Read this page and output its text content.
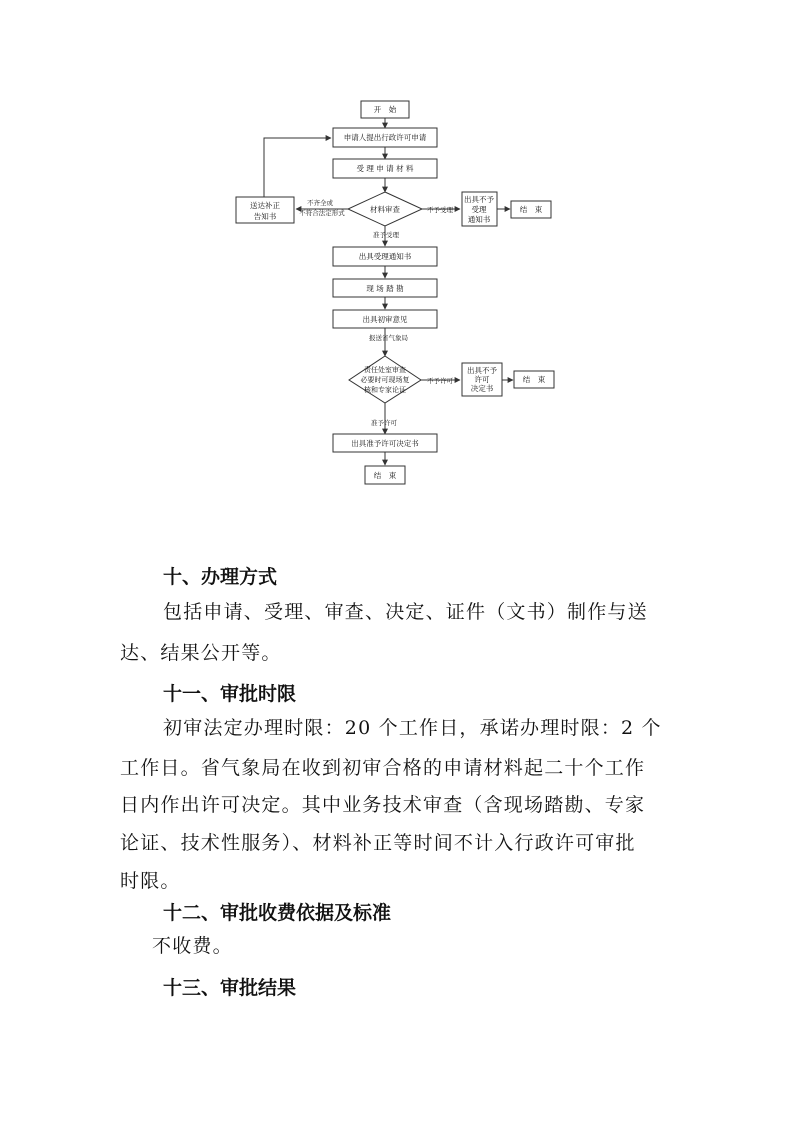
开　始
申请人提出行政许可申请
受 理 申 请 材 料
材料审查
送达补正
告知书
不齐全或
不符合法定形式	不予受理
出具不予
受理
通知书
结　束
准予受理
出具受理通知书
现 场 踏 勘
出具初审意见
报送省气象局
责任处室审查
必要时可现场复
核和专家论证
不予许可
出具不予
许可
决定书
结　束
准予许可
出具准予许可决定书
结　束

十、办理方式

包括申请、受理、审查、决定、证件（文书）制作与送

达、结果公开等。

十一、审批时限

初审法定办理时限：20 个工作日，承诺办理时限：2 个

工作日。省气象局在收到初审合格的申请材料起二十个工作

日内作出许可决定。其中业务技术审查（含现场踏勘、专家

论证、技术性服务）、材料补正等时间不计入行政许可审批

时限。

十二、审批收费依据及标准

不收费。

十三、审批结果
